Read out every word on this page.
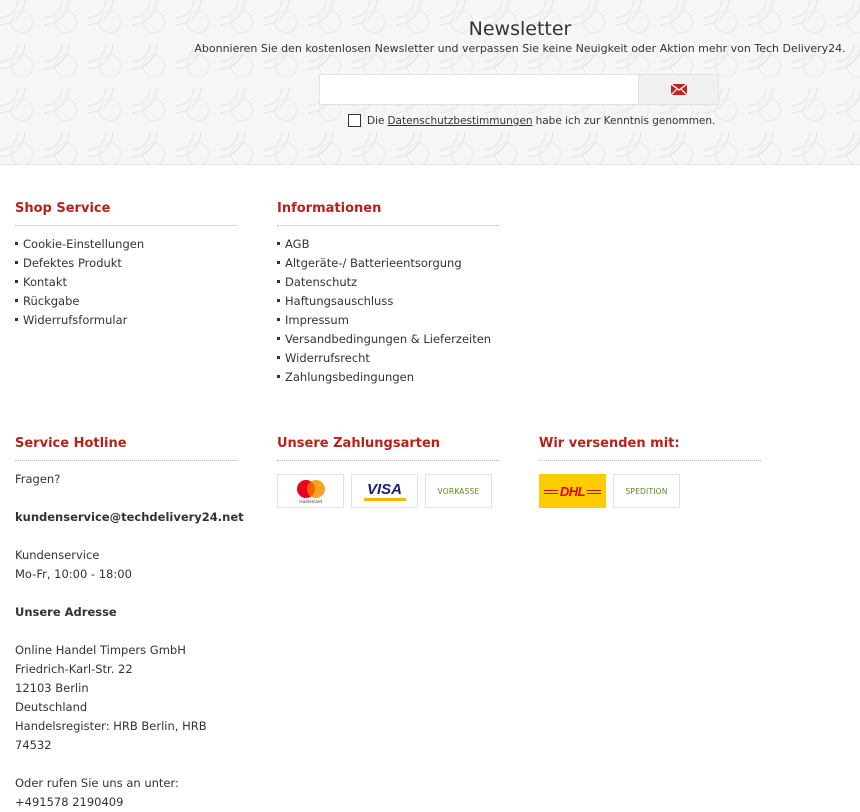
Newsletter
Abonnieren Sie den kostenlosen Newsletter und verpassen Sie keine Neuigkeit oder Aktion mehr von Tech Delivery24.
Die Datenschutzbestimmungen habe ich zur Kenntnis genommen.
Shop Service
Cookie-Einstellungen
Defektes Produkt
Kontakt
Rückgabe
Widerrufsformular
Informationen
AGB
Altgeräte-/ Batterieentsorgung
Datenschutz
Haftungsauschluss
Impressum
Versandbedingungen & Lieferzeiten
Widerrufsrecht
Zahlungsbedingungen
Service Hotline

Fragen?

kundenservice@techdelivery24.net

Kundenservice

Mo-Fr, 10:00 - 18:00

Unsere Adresse

Online Handel Timpers GmbH

Friedrich-Karl-Str. 22

12103 Berlin

Deutschland

Handelsregister: HRB Berlin, HRB 74532

Oder rufen Sie uns an unter:

+491578 2190409

Unsere Zahlungsarten
mastercard
VISA	VORKASSE
Wir versenden mit:
DHL	SPEDITION
